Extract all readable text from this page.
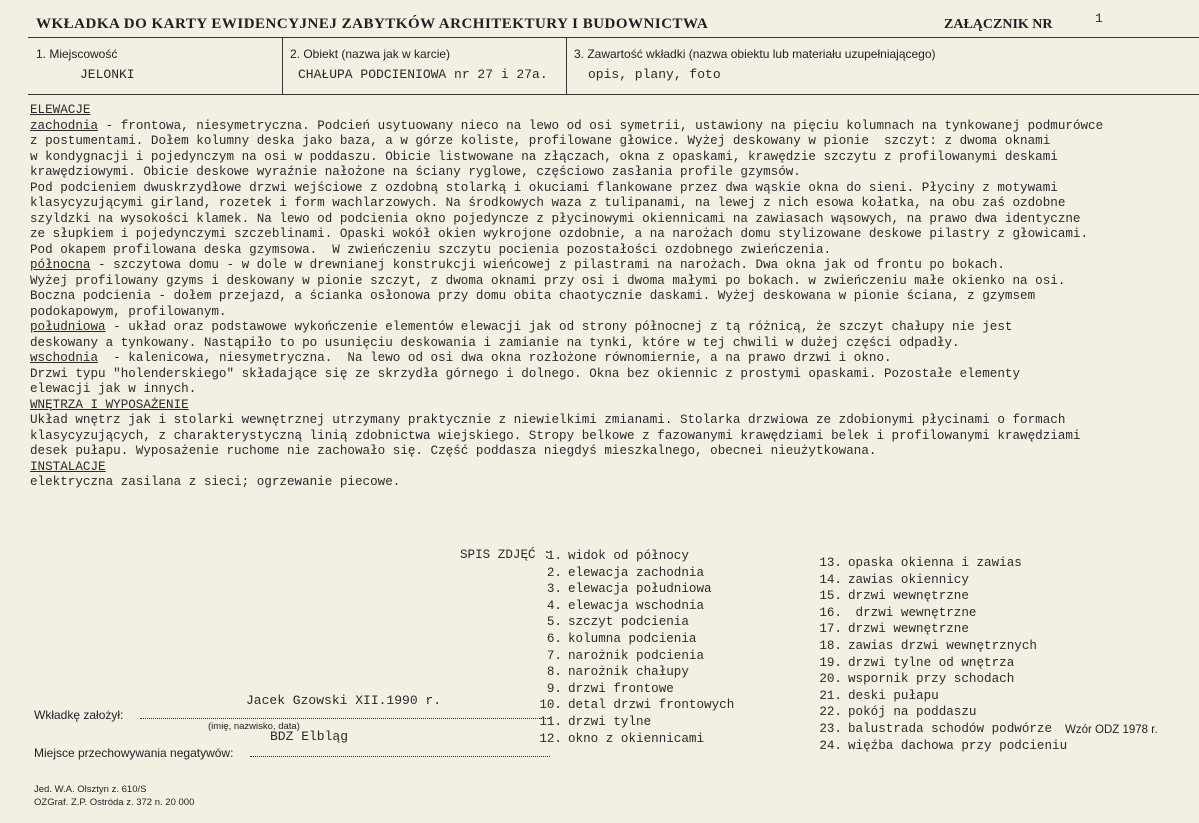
WKŁADKA DO KARTY EWIDENCYJNEJ ZABYTKÓW ARCHITEKTURY I BUDOWNICTWA	ZAŁĄCZNIK NR	1
1. Miejscowość
JELONKI
2. Obiekt (nazwa jak w karcie)
CHAŁUPA PODCIENIOWA nr 27 i 27a.
3. Zawartość wkładki (nazwa obiektu lub materiału uzupełniającego)
opis, plany, foto
ELEWACJE
zachodnia - frontowa, niesymetryczna. Podcień usytuowany nieco na lewo od osi symetrii, ustawiony na pięciu kolumnach na tynkowanej podmurówce
z postumentami. Dołem kolumny deska jako baza, a w górze koliste, profilowane głowice. Wyżej deskowany w pionie  szczyt: z dwoma oknami
w kondygnacji i pojedynczym na osi w poddaszu. Obicie listwowane na złączach, okna z opaskami, krawędzie szczytu z profilowanymi deskami
krawędziowymi. Obicie deskowe wyraźnie nałożone na ściany ryglowe, częściowo zasłania profile gzymsów.
Pod podcieniem dwuskrzydłowe drzwi wejściowe z ozdobną stolarką i okuciami flankowane przez dwa wąskie okna do sieni. Płyciny z motywami
klasycyzującymi girland, rozetek i form wachlarzowych. Na środkowych waza z tulipanami, na lewej z nich esowa kołatka, na obu zaś ozdobne
szyldzki na wysokości klamek. Na lewo od podcienia okno pojedyncze z płycinowymi okiennicami na zawiasach wąsowych, na prawo dwa identyczne
ze słupkiem i pojedynczymi szczeblinami. Opaski wokół okien wykrojone ozdobnie, a na narożach domu stylizowane deskowe pilastry z głowicami.
Pod okapem profilowana deska gzymsowa.  W zwieńczeniu szczytu pocienia pozostałości ozdobnego zwieńczenia.
północna - szczytowa domu - w dole w drewnianej konstrukcji wieńcowej z pilastrami na narożach. Dwa okna jak od frontu po bokach.
Wyżej profilowany gzyms i deskowany w pionie szczyt, z dwoma oknami przy osi i dwoma małymi po bokach. w zwieńczeniu małe okienko na osi.
Boczna podcienia - dołem przejazd, a ścianka osłonowa przy domu obita chaotycznie daskami. Wyżej deskowana w pionie ściana, z gzymsem
podokapowym, profilowanym.
południowa - układ oraz podstawowe wykończenie elementów elewacji jak od strony północnej z tą różnicą, że szczyt chałupy nie jest
deskowany a tynkowany. Nastąpiło to po usunięciu deskowania i zamianie na tynki, które w tej chwili w dużej części odpadły.
wschodnia  - kalenicowa, niesymetryczna.  Na lewo od osi dwa okna rozłożone równomiernie, a na prawo drzwi i okno.
Drzwi typu "holenderskiego" składające się ze skrzydła górnego i dolnego. Okna bez okiennic z prostymi opaskami. Pozostałe elementy
elewacji jak w innych.
WNĘTRZA I WYPOSAŻENIE
Układ wnętrz jak i stolarki wewnętrznej utrzymany praktycznie z niewielkimi zmianami. Stolarka drzwiowa ze zdobionymi płycinami o formach
klasycyzujących, z charakterystyczną linią zdobnictwa wiejskiego. Stropy belkowe z fazowanymi krawędziami belek i profilowanymi krawędziami
desek pułapu. Wyposażenie ruchome nie zachowało się. Część poddasza niegdyś mieszkalnego, obecnei nieużytkowana.
INSTALACJE
elektryczna zasilana z sieci; ogrzewanie piecowe.
SPIS ZDJĘĆ :
1. widok od północy
2. elewacja zachodnia
3. elewacja południowa
4. elewacja wschodnia
5. szczyt podcienia
6. kolumna podcienia
7. narożnik podcienia
8. narożnik chałupy
9. drzwi frontowe
10. detal drzwi frontowych
11. drzwi tylne
12. okno z okiennicami
13. opaska okienna i zawias
14. zawias okiennicy
15. drzwi wewnętrzne
16. drzwi wewnętrzne
17. drzwi wewnętrzne
18. zawias drzwi wewnętrznych
19. drzwi tylne od wnętrza
20. wspornik przy schodach
21. deski pułapu
22. pokój na poddaszu
23. balustrada schodów podwórze
24. więźba dachowa przy podcieniu
Jacek Gzowski XII.1990 r.
Wkładkę założył:
(imię, nazwisko, data)
BDZ Elbląg
Miejsce przechowywania negatywów:
Wzór ODZ 1978 r.
Jed. W.A. Olsztyn z. 610/S
OZGraf. Z.P. Ostróda z. 372 n. 20 000
